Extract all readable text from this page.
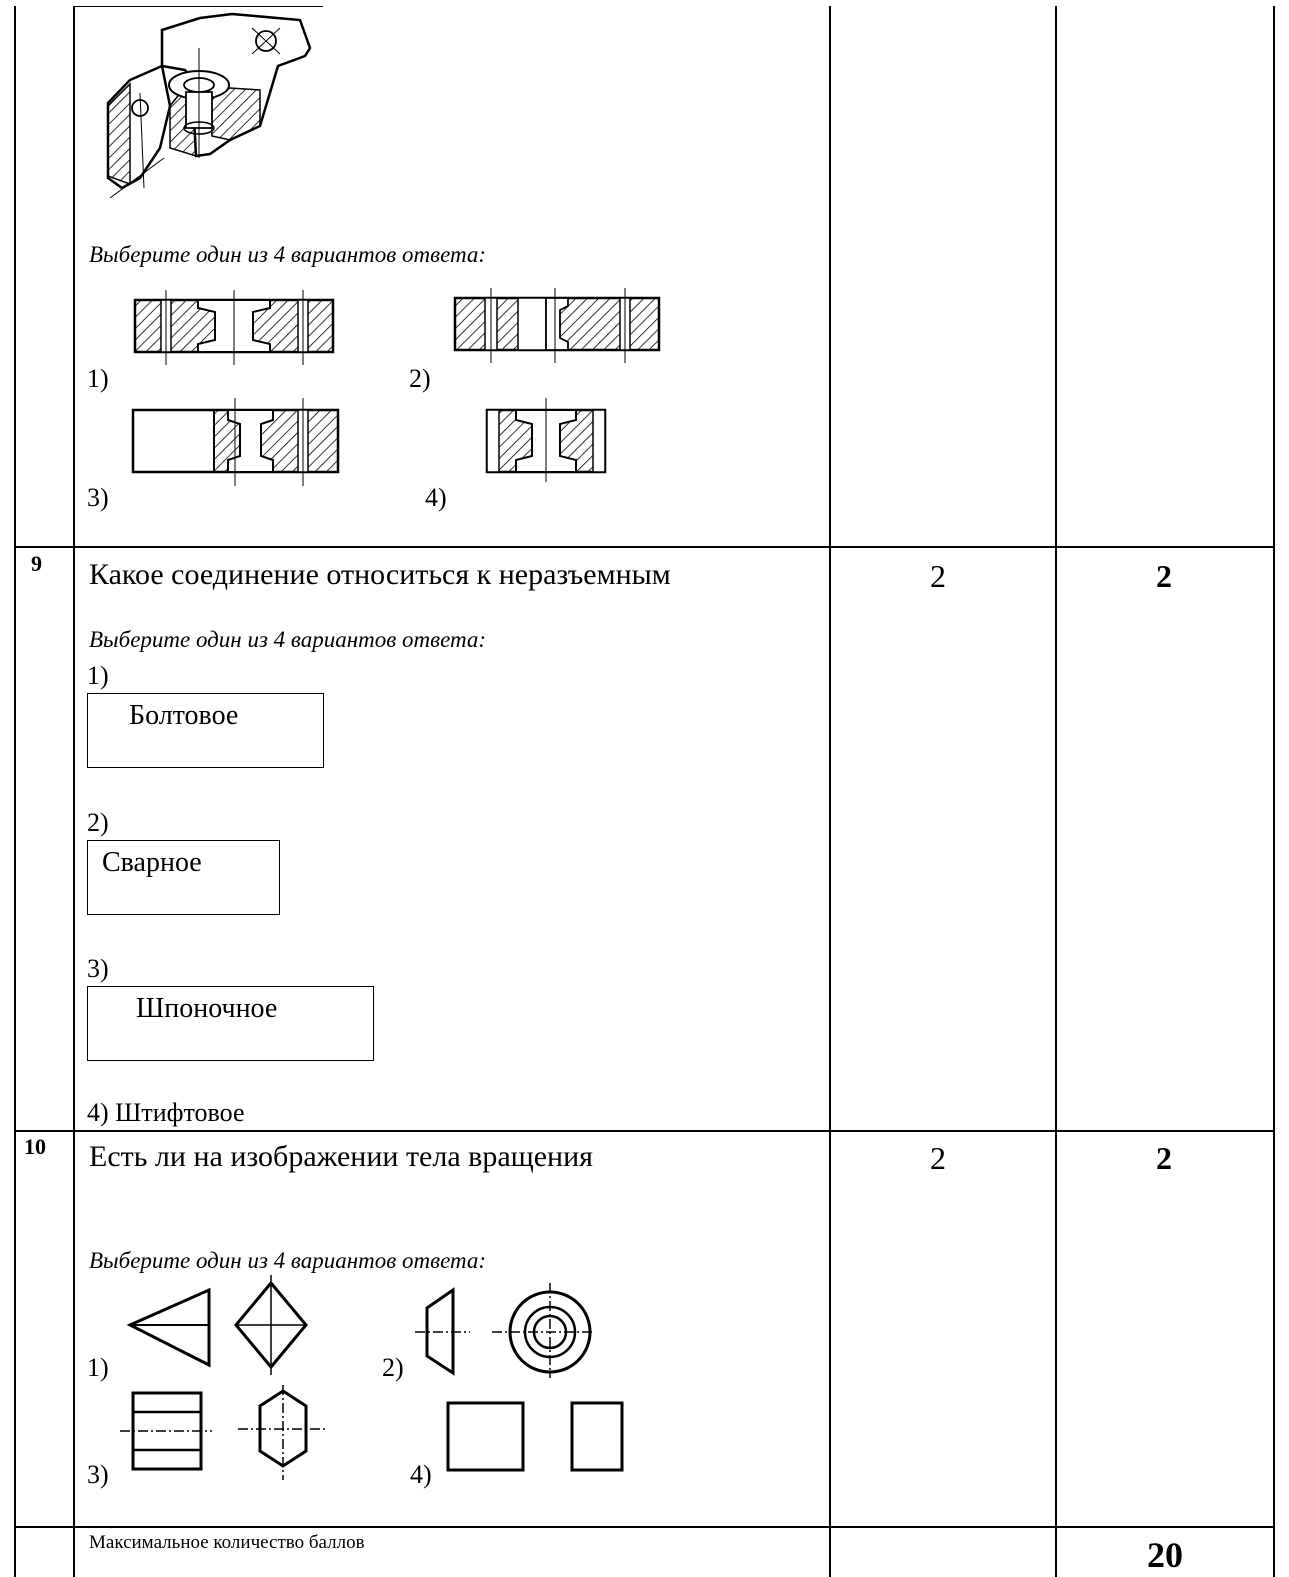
Выберите один из 4 вариантов ответа:
1)	2)
3)	4)
9 Какое соединение относиться к неразъемным
Выберите один из 4 вариантов ответа:
1)
Болтовое
2)
Сварное
3)
Шпоночное
4) Штифтовое
2	2
10 Есть ли на изображении тела вращения
Выберите один из 4 вариантов ответа:
1)	2)
3)	4)
2	2
Максимальное количество баллов	20
